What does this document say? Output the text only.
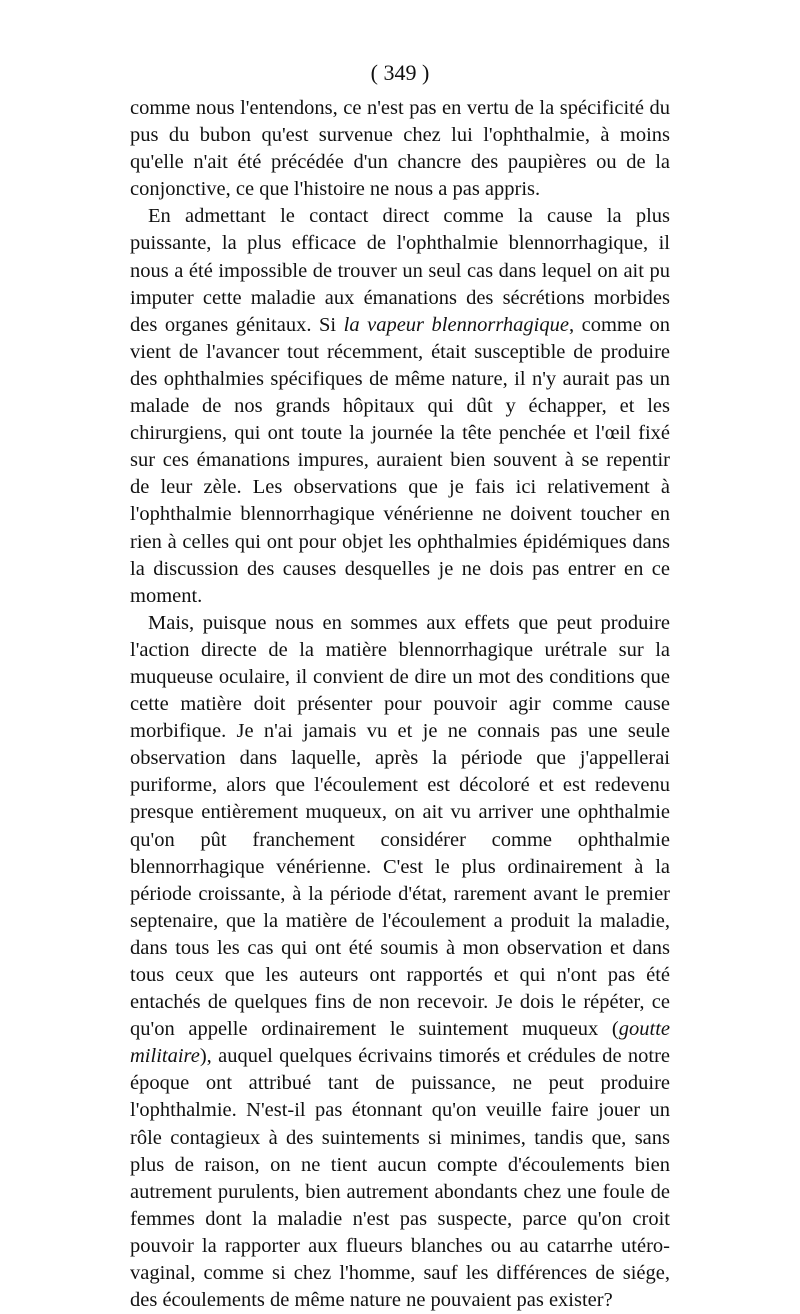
( 349 )

comme nous l'entendons, ce n'est pas en vertu de la spécificité du pus du bubon qu'est survenue chez lui l'ophthalmie, à moins qu'elle n'ait été précédée d'un chancre des paupières ou de la conjonctive, ce que l'histoire ne nous a pas appris.

En admettant le contact direct comme la cause la plus puissante, la plus efficace de l'ophthalmie blennorrhagique, il nous a été impossible de trouver un seul cas dans lequel on ait pu imputer cette maladie aux émanations des sécrétions morbides des organes génitaux. Si la vapeur blennorrhagique, comme on vient de l'avancer tout récemment, était susceptible de produire des ophthalmies spécifiques de même nature, il n'y aurait pas un malade de nos grands hôpitaux qui dût y échapper, et les chirurgiens, qui ont toute la journée la tête penchée et l'œil fixé sur ces émanations impures, auraient bien souvent à se repentir de leur zèle. Les observations que je fais ici relativement à l'ophthalmie blennorrhagique vénérienne ne doivent toucher en rien à celles qui ont pour objet les ophthalmies épidémiques dans la discussion des causes desquelles je ne dois pas entrer en ce moment.

Mais, puisque nous en sommes aux effets que peut produire l'action directe de la matière blennorrhagique urétrale sur la muqueuse oculaire, il convient de dire un mot des conditions que cette matière doit présenter pour pouvoir agir comme cause morbifique. Je n'ai jamais vu et je ne connais pas une seule observation dans laquelle, après la période que j'appellerai puriforme, alors que l'écoulement est décoloré et est redevenu presque entièrement muqueux, on ait vu arriver une ophthalmie qu'on pût franchement considérer comme ophthalmie blennorrhagique vénérienne. C'est le plus ordinairement à la période croissante, à la période d'état, rarement avant le premier septenaire, que la matière de l'écoulement a produit la maladie, dans tous les cas qui ont été soumis à mon observation et dans tous ceux que les auteurs ont rapportés et qui n'ont pas été entachés de quelques fins de non recevoir. Je dois le répéter, ce qu'on appelle ordinairement le suintement muqueux (goutte militaire), auquel quelques écrivains timorés et crédules de notre époque ont attribué tant de puissance, ne peut produire l'ophthalmie. N'est-il pas étonnant qu'on veuille faire jouer un rôle contagieux à des suintements si minimes, tandis que, sans plus de raison, on ne tient aucun compte d'écoulements bien autrement purulents, bien autrement abondants chez une foule de femmes dont la maladie n'est pas suspecte, parce qu'on croit pouvoir la rapporter aux flueurs blanches ou au catarrhe utéro-vaginal, comme si chez l'homme, sauf les différences de siége, des écoulements de même nature ne pouvaient pas exister?
